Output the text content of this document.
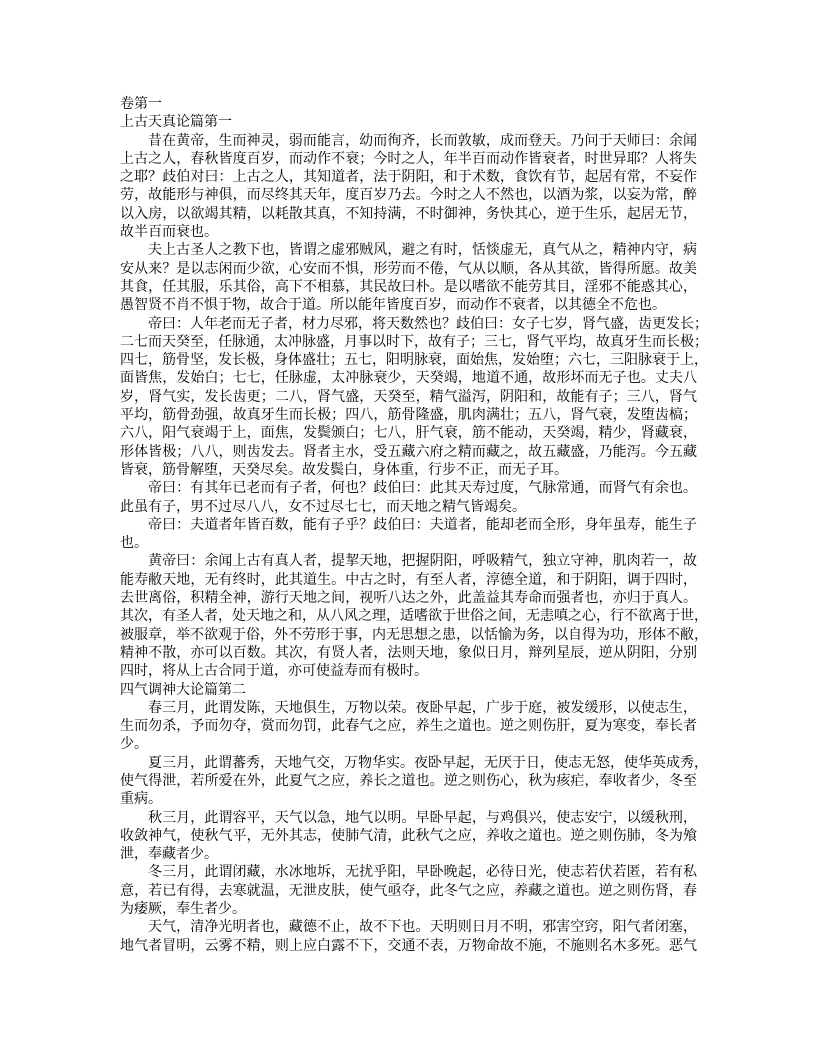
卷第一
上古天真论篇第一
昔在黄帝，生而神灵，弱而能言，幼而徇齐，长而敦敏，成而登天。乃问于天师曰：余闻
上古之人，春秋皆度百岁，而动作不衰；今时之人，年半百而动作皆衰者，时世异耶？人将失
之耶？歧伯对曰：上古之人，其知道者，法于阴阳，和于术数，食饮有节，起居有常，不妄作
劳，故能形与神俱，而尽终其天年，度百岁乃去。今时之人不然也，以酒为浆，以妄为常，醉
以入房，以欲竭其精，以耗散其真，不知持满，不时御神，务快其心，逆于生乐，起居无节，
故半百而衰也。
夫上古圣人之教下也，皆谓之虚邪贼风，避之有时，恬惔虚无，真气从之，精神内守，病
安从来？是以志闲而少欲，心安而不惧，形劳而不倦，气从以顺，各从其欲，皆得所愿。故美
其食，任其服，乐其俗，高下不相慕，其民故曰朴。是以嗜欲不能劳其目，淫邪不能惑其心，
愚智贤不肖不惧于物，故合于道。所以能年皆度百岁，而动作不衰者，以其德全不危也。
帝曰：人年老而无子者，材力尽邪，将天数然也？歧伯曰：女子七岁，肾气盛，齿更发长；
二七而天癸至，任脉通，太冲脉盛，月事以时下，故有子；三七，肾气平均，故真牙生而长极；
四七，筋骨坚，发长极，身体盛壮；五七，阳明脉衰，面始焦，发始堕；六七，三阳脉衰于上，
面皆焦，发始白；七七，任脉虚，太冲脉衰少，天癸竭，地道不通，故形坏而无子也。丈夫八
岁，肾气实，发长齿更；二八，肾气盛，天癸至，精气溢泻，阴阳和，故能有子；三八，肾气
平均，筋骨劲强，故真牙生而长极；四八，筋骨隆盛，肌肉满壮；五八，肾气衰，发堕齿槁；
六八，阳气衰竭于上，面焦，发鬓颁白；七八，肝气衰，筋不能动，天癸竭，精少，肾藏衰，
形体皆极；八八，则齿发去。肾者主水，受五藏六府之精而藏之，故五藏盛，乃能泻。今五藏
皆衰，筋骨解堕，天癸尽矣。故发鬓白，身体重，行步不正，而无子耳。
帝曰：有其年已老而有子者，何也？歧伯曰：此其天寿过度，气脉常通，而肾气有余也。
此虽有子，男不过尽八八，女不过尽七七，而天地之精气皆竭矣。
帝曰：夫道者年皆百数，能有子乎？歧伯曰：夫道者，能却老而全形，身年虽寿，能生子
也。
黄帝曰：余闻上古有真人者，提挈天地，把握阴阳，呼吸精气，独立守神，肌肉若一，故
能寿敝天地，无有终时，此其道生。中古之时，有至人者，淳德全道，和于阴阳，调于四时，
去世离俗，积精全神，游行天地之间，视听八达之外，此盖益其寿命而强者也，亦归于真人。
其次，有圣人者，处天地之和，从八风之理，适嗜欲于世俗之间，无恚嗔之心，行不欲离于世，
被服章，举不欲观于俗，外不劳形于事，内无思想之患，以恬愉为务，以自得为功，形体不敝，
精神不散，亦可以百数。其次，有贤人者，法则天地，象似日月，辩列星辰，逆从阴阳，分别
四时，将从上古合同于道，亦可使益寿而有极时。
四气调神大论篇第二
春三月，此谓发陈，天地俱生，万物以荣。夜卧早起，广步于庭，被发缓形，以使志生，
生而勿杀，予而勿夺，赏而勿罚，此春气之应，养生之道也。逆之则伤肝，夏为寒变，奉长者
少。
夏三月，此谓蕃秀，天地气交，万物华实。夜卧早起，无厌于日，使志无怒，使华英成秀，
使气得泄，若所爱在外，此夏气之应，养长之道也。逆之则伤心，秋为痎疟，奉收者少，冬至
重病。
秋三月，此谓容平，天气以急，地气以明。早卧早起，与鸡俱兴，使志安宁，以缓秋刑，
收敛神气，使秋气平，无外其志，使肺气清，此秋气之应，养收之道也。逆之则伤肺，冬为飧
泄，奉藏者少。
冬三月，此谓闭藏，水冰地坼，无扰乎阳，早卧晚起，必待日光，使志若伏若匿，若有私
意，若已有得，去寒就温，无泄皮肤，使气亟夺，此冬气之应，养藏之道也。逆之则伤肾，春
为痿厥，奉生者少。
天气，清净光明者也，藏德不止，故不下也。天明则日月不明，邪害空窍，阳气者闭塞，
地气者冒明，云雾不精，则上应白露不下，交通不表，万物命故不施，不施则名木多死。恶气
